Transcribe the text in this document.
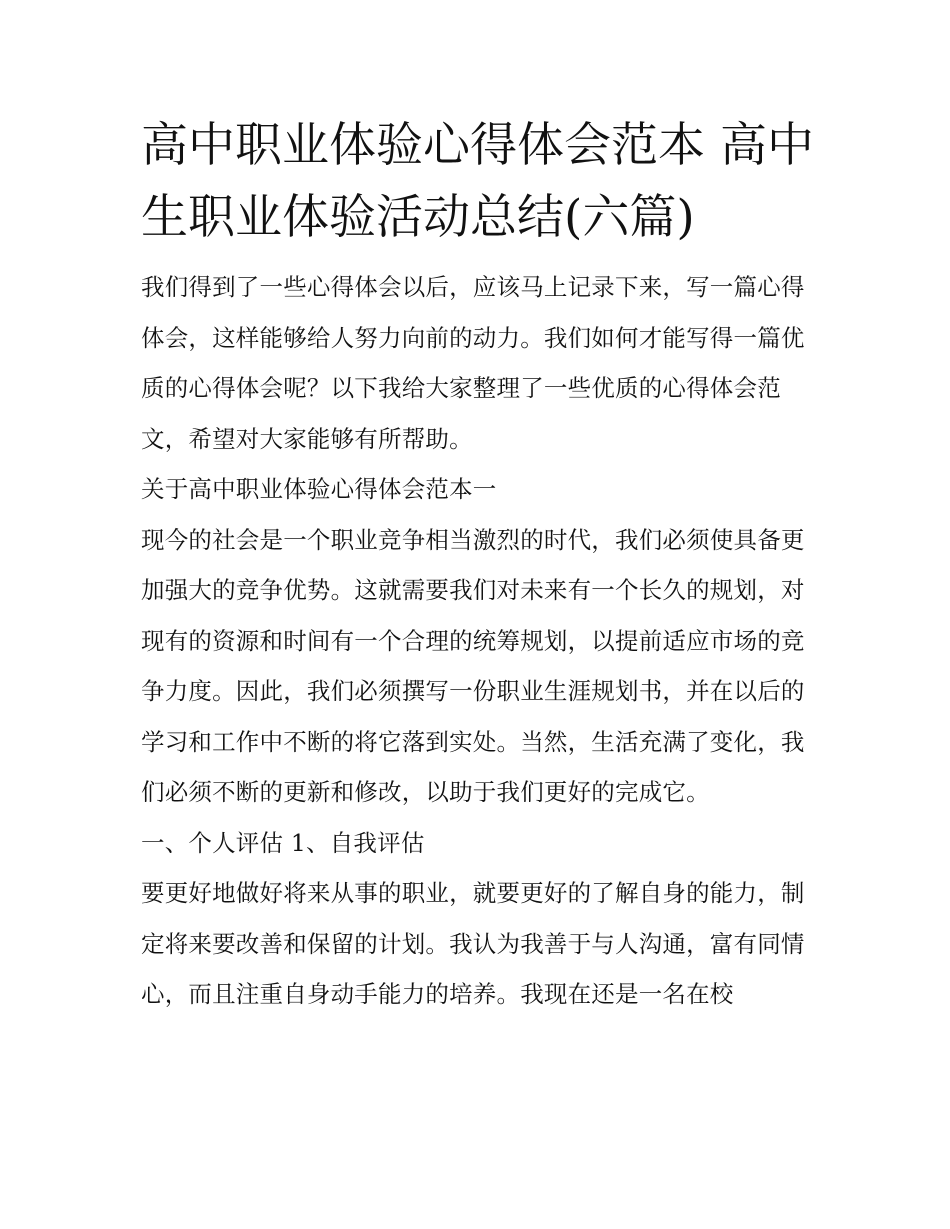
高中职业体验心得体会范本 高中生职业体验活动总结(六篇)

我们得到了一些心得体会以后，应该马上记录下来，写一篇心得体会，这样能够给人努力向前的动力。我们如何才能写得一篇优质的心得体会呢？以下我给大家整理了一些优质的心得体会范文，希望对大家能够有所帮助。

关于高中职业体验心得体会范本一

现今的社会是一个职业竞争相当激烈的时代，我们必须使具备更加强大的竞争优势。这就需要我们对未来有一个长久的规划，对现有的资源和时间有一个合理的统筹规划，以提前适应市场的竞争力度。因此，我们必须撰写一份职业生涯规划书，并在以后的学习和工作中不断的将它落到实处。当然，生活充满了变化，我们必须不断的更新和修改，以助于我们更好的完成它。

一、个人评估 1、自我评估

要更好地做好将来从事的职业，就要更好的了解自身的能力，制定将来要改善和保留的计划。我认为我善于与人沟通，富有同情心，而且注重自身动手能力的培养。我现在还是一名在校
